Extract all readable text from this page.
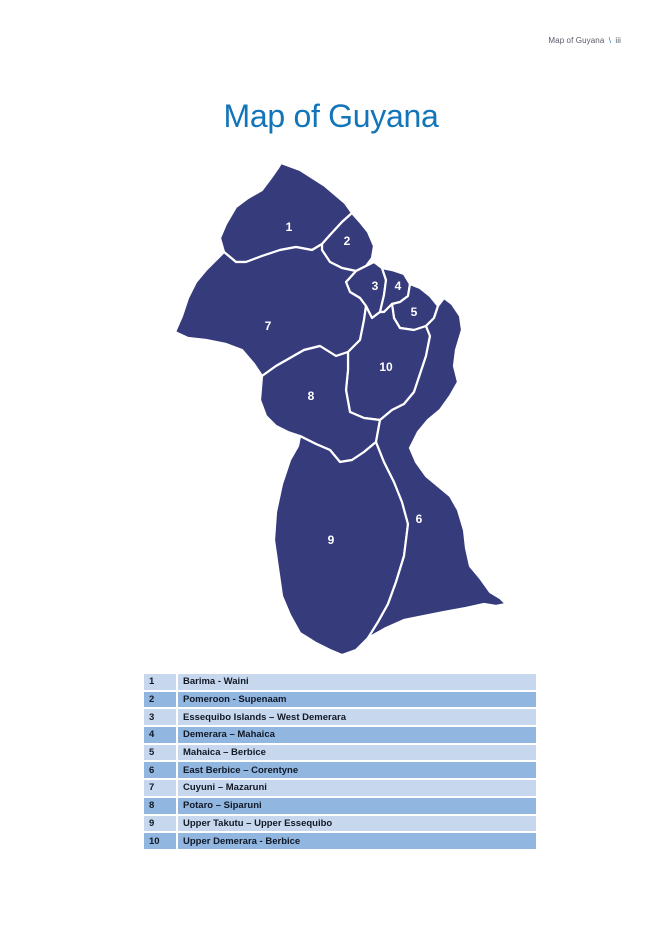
Map of Guyana \ iii
Map of Guyana
1
2
3 4
5
6
7
8
9
10
1	Barima - Waini
2	Pomeroon - Supenaam
3	Essequibo Islands – West Demerara
4	Demerara – Mahaica
5	Mahaica – Berbice
6	East Berbice – Corentyne
7	Cuyuni – Mazaruni
8	Potaro – Siparuni
9	Upper Takutu – Upper Essequibo
10	Upper Demerara - Berbice
